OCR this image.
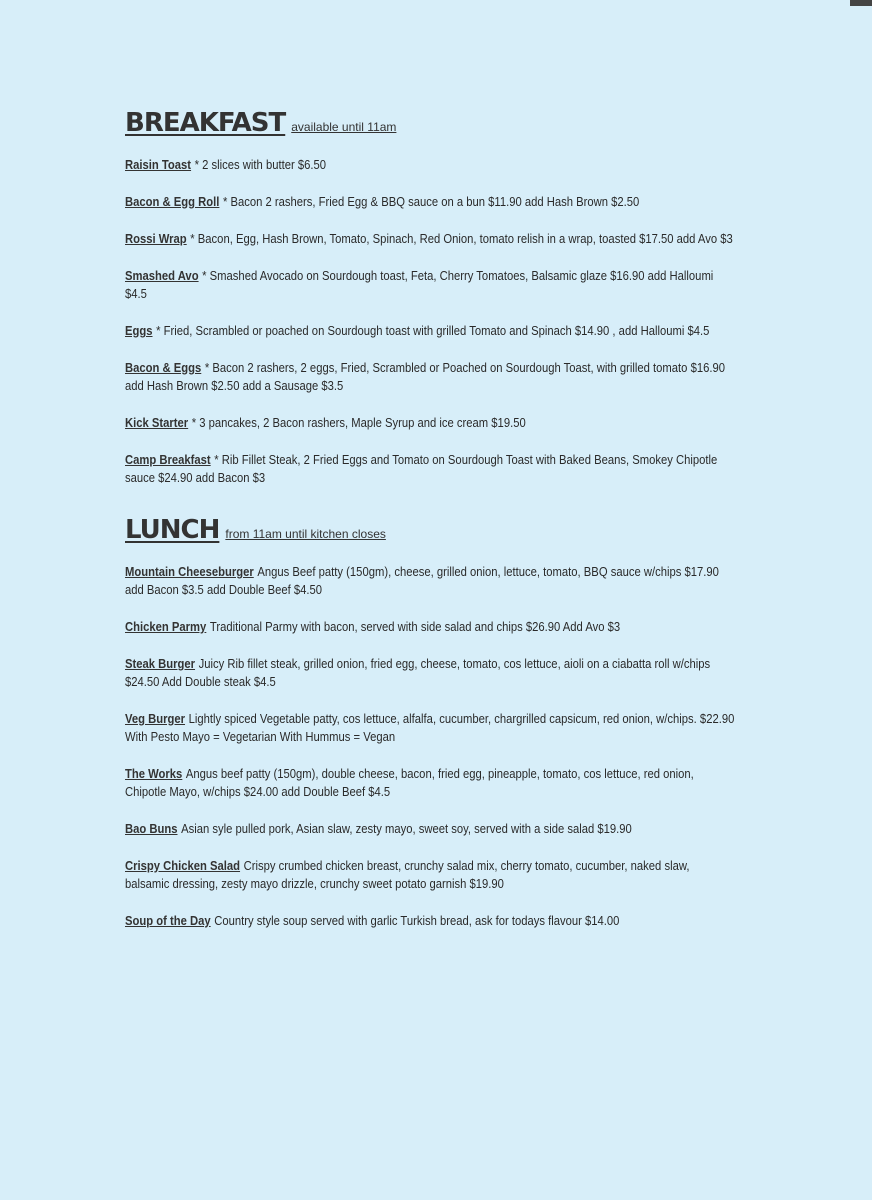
BREAKFAST available until 11am
Raisin Toast * 2 slices with butter $6.50
Bacon & Egg Roll * Bacon 2 rashers, Fried Egg & BBQ sauce on a bun $11.90 add Hash Brown $2.50
Rossi Wrap * Bacon, Egg, Hash Brown, Tomato, Spinach, Red Onion, tomato relish in a wrap, toasted $17.50 add Avo $3
Smashed Avo * Smashed Avocado on Sourdough toast, Feta, Cherry Tomatoes, Balsamic glaze $16.90 add Halloumi $4.5
Eggs * Fried, Scrambled or poached on Sourdough toast with grilled Tomato and Spinach $14.90 , add Halloumi $4.5
Bacon & Eggs * Bacon 2 rashers, 2 eggs, Fried, Scrambled or Poached on Sourdough Toast, with grilled tomato $16.90 add Hash Brown $2.50 add a Sausage $3.5
Kick Starter * 3 pancakes, 2 Bacon rashers, Maple Syrup and ice cream $19.50
Camp Breakfast * Rib Fillet Steak, 2 Fried Eggs and Tomato on Sourdough Toast with Baked Beans, Smokey Chipotle sauce $24.90 add Bacon $3
LUNCH from 11am until kitchen closes
Mountain Cheeseburger Angus Beef patty (150gm), cheese, grilled onion, lettuce, tomato, BBQ sauce w/chips $17.90 add Bacon $3.5 add Double Beef $4.50
Chicken Parmy Traditional Parmy with bacon, served with side salad and chips $26.90 Add Avo $3
Steak Burger Juicy Rib fillet steak, grilled onion, fried egg, cheese, tomato, cos lettuce, aioli on a ciabatta roll w/chips $24.50 Add Double steak $4.5
Veg Burger Lightly spiced Vegetable patty, cos lettuce, alfalfa, cucumber, chargrilled capsicum, red onion, w/chips. $22.90 With Pesto Mayo = Vegetarian With Hummus = Vegan
The Works Angus beef patty (150gm), double cheese, bacon, fried egg, pineapple, tomato, cos lettuce, red onion, Chipotle Mayo, w/chips $24.00 add Double Beef $4.5
Bao Buns Asian syle pulled pork, Asian slaw, zesty mayo, sweet soy, served with a side salad $19.90
Crispy Chicken Salad Crispy crumbed chicken breast, crunchy salad mix, cherry tomato, cucumber, naked slaw, balsamic dressing, zesty mayo drizzle, crunchy sweet potato garnish $19.90
Soup of the Day Country style soup served with garlic Turkish bread, ask for todays flavour $14.00
